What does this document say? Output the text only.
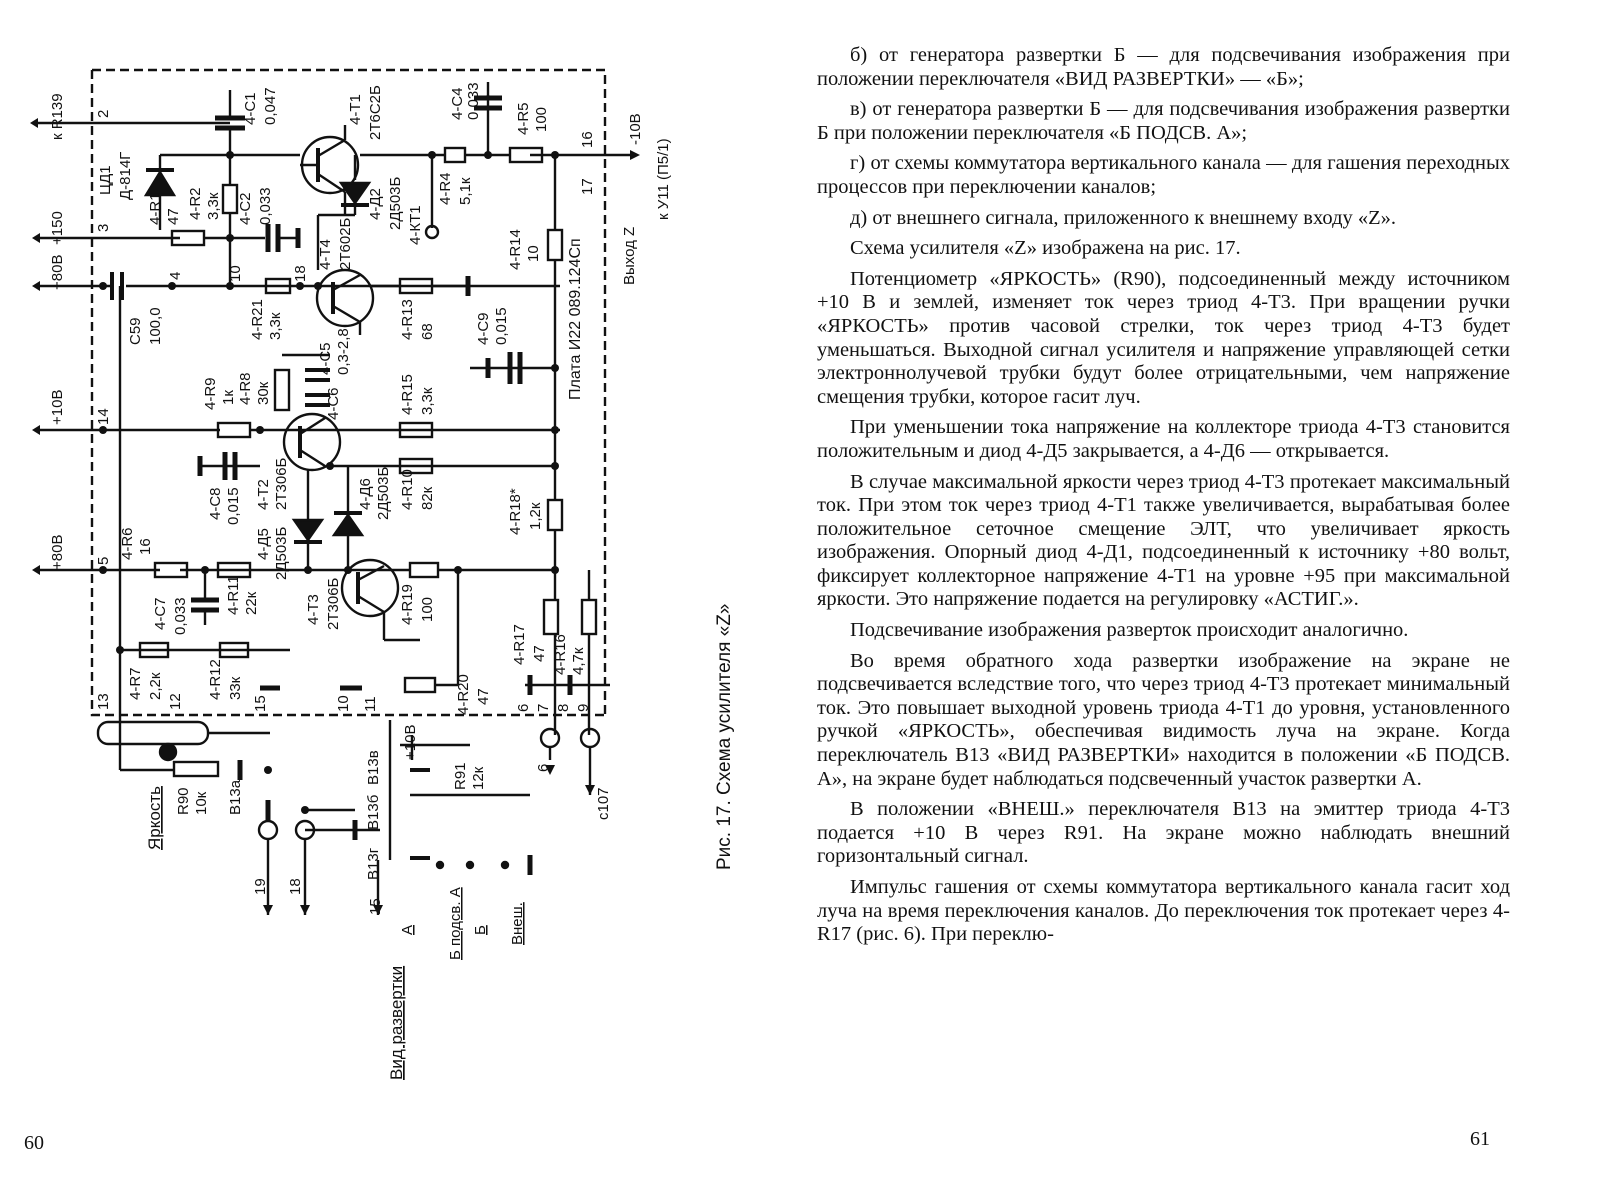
к R139
+150
+80В
+10В
+80В
С59 100,0
ЦД1 Д-814Г
4-R1 47 4-R2 3,3к
4-C1 0,047
4-C2 0,033
4-T1 2Т6С2Б
4-Д2 2Д503Б
4-C4 0,033 4-R5 100
4-R4 5,1к
4-КТ1
-10В
к У11 (П5/1)
Выход Z
4-R21 3,3к
4-T4 2Т602Б
4-R13 68
4-R14 10
4-C5 0,3-2,8	4-C9 0,015	Плата И22 089.124Сп
4-R9 1к 4-R8 30к	4-C6	4-R15 3,3к
4-C8 0,015 4-T2 2Т306Б	4-Д6 2Д503Б 4-R10 82к	4-R18* 1,2к
4-R6 16	4-Д5 2Д503Б
4-R11 22к
4-C7 0,033	4-T3 2Т306Б	4-R19 100
4-R7 2,2к	4-R12 33к	4-R20 47
4-R17 47 4-R16 4,7к
R90 10к
Яркость
R91 12к
+10В
В13а
В13в
В13г
В13б	с107
Вид развертки
А Б подсв. А Б Внеш.
2
3
4	10	18
14
5
16
17
13	12	15	10 11	6 7 8 9
6
19 18
15
Рис. 17. Схема усилителя «Z»
60

б) от генератора развертки Б — для подсвечивания изображения при положении переключателя «ВИД РАЗВЕРТКИ» — «Б»;

в) от генератора развертки Б — для подсвечивания изображения развертки Б при положении переключателя «Б ПОДСВ. А»;

г) от схемы коммутатора вертикального канала — для гашения переходных процессов при переключении каналов;

д) от внешнего сигнала, приложенного к внешнему входу «Z».

Схема усилителя «Z» изображена на рис. 17.

Потенциометр «ЯРКОСТЬ» (R90), подсоединенный между источником +10 В и землей, изменяет ток через триод 4-Т3. При вращении ручки «ЯРКОСТЬ» против часовой стрелки, ток через триод 4-Т3 будет уменьшаться. Выходной сигнал усилителя и напряжение управляющей сетки электроннолучевой трубки будут более отрицательными, чем напряжение смещения трубки, которое гасит луч.

При уменьшении тока напряжение на коллекторе триода 4-Т3 становится положительным и диод 4-Д5 закрывается, а 4-Д6 — открывается.

В случае максимальной яркости через триод 4-Т3 протекает максимальный ток. При этом ток через триод 4-Т1 также увеличивается, вырабатывая более положительное сеточное смещение ЭЛТ, что увеличивает яркость изображения. Опорный диод 4-Д1, подсоединенный к источнику +80 вольт, фиксирует коллекторное напряжение 4-Т1 на уровне +95 при максимальной яркости. Это напряжение подается на регулировку «АСТИГ.».

Подсвечивание изображения разверток происходит аналогично.

Во время обратного хода развертки изображение на экране не подсвечивается вследствие того, что через триод 4-Т3 протекает минимальный ток. Это повышает выходной уровень триода 4-Т1 до уровня, установленного ручкой «ЯРКОСТЬ», обеспечивая видимость луча на экране. Когда переключатель В13 «ВИД РАЗВЕРТКИ» находится в положении «Б ПОДСВ. А», на экране будет наблюдаться подсвеченный участок развертки А.

В положении «ВНЕШ.» переключателя В13 на эмиттер триода 4-Т3 подается +10 В через R91. На экране можно наблюдать внешний горизонтальный сигнал.

Импульс гашения от схемы коммутатора вертикального канала гасит ход луча на время переключения каналов. До переключения ток протекает через 4-R17 (рис. 6). При переклю-

61
